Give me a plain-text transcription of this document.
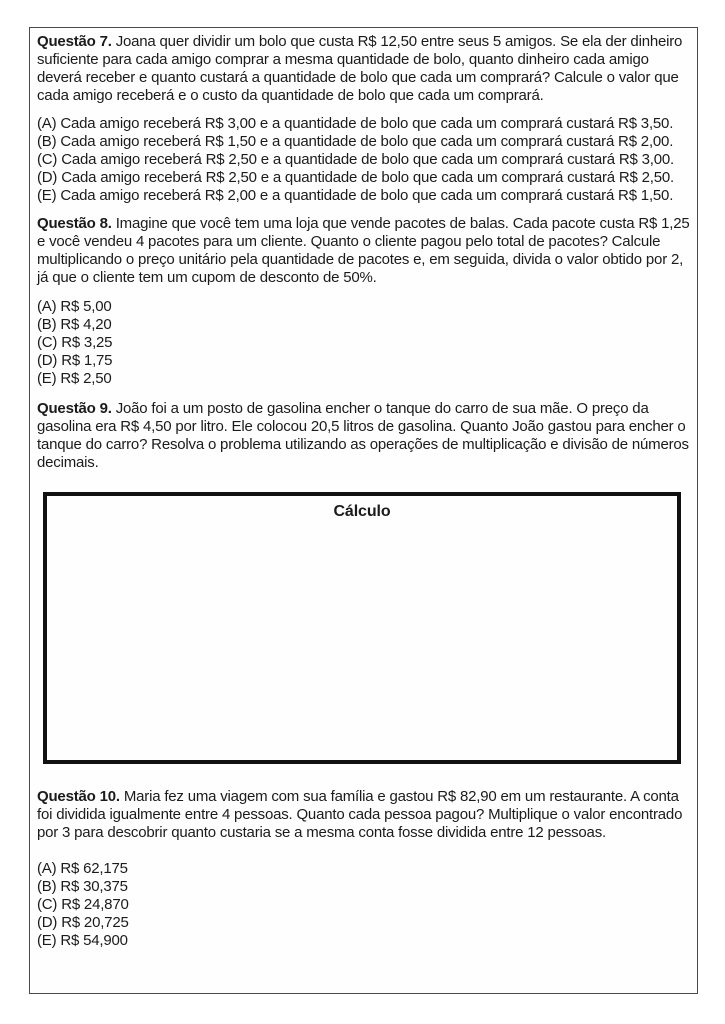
Questão 7. Joana quer dividir um bolo que custa R$ 12,50 entre seus 5 amigos. Se ela der dinheiro suficiente para cada amigo comprar a mesma quantidade de bolo, quanto dinheiro cada amigo deverá receber e quanto custará a quantidade de bolo que cada um comprará? Calcule o valor que cada amigo receberá e o custo da quantidade de bolo que cada um comprará.

(A) Cada amigo receberá R$ 3,00 e a quantidade de bolo que cada um comprará custará R$ 3,50.
(B) Cada amigo receberá R$ 1,50 e a quantidade de bolo que cada um comprará custará R$ 2,00.
(C) Cada amigo receberá R$ 2,50 e a quantidade de bolo que cada um comprará custará R$ 3,00.
(D) Cada amigo receberá R$ 2,50 e a quantidade de bolo que cada um comprará custará R$ 2,50.
(E) Cada amigo receberá R$ 2,00 e a quantidade de bolo que cada um comprará custará R$ 1,50.

Questão 8. Imagine que você tem uma loja que vende pacotes de balas. Cada pacote custa R$ 1,25 e você vendeu 4 pacotes para um cliente. Quanto o cliente pagou pelo total de pacotes? Calcule multiplicando o preço unitário pela quantidade de pacotes e, em seguida, divida o valor obtido por 2, já que o cliente tem um cupom de desconto de 50%.

(A) R$ 5,00
(B) R$ 4,20
(C) R$ 3,25
(D) R$ 1,75
(E) R$ 2,50

Questão 9. João foi a um posto de gasolina encher o tanque do carro de sua mãe. O preço da gasolina era R$ 4,50 por litro. Ele colocou 20,5 litros de gasolina. Quanto João gastou para encher o tanque do carro? Resolva o problema utilizando as operações de multiplicação e divisão de números decimais.

Cálculo

Questão 10. Maria fez uma viagem com sua família e gastou R$ 82,90 em um restaurante. A conta foi dividida igualmente entre 4 pessoas. Quanto cada pessoa pagou? Multiplique o valor encontrado por 3 para descobrir quanto custaria se a mesma conta fosse dividida entre 12 pessoas.

(A) R$ 62,175
(B) R$ 30,375
(C) R$ 24,870
(D) R$ 20,725
(E) R$ 54,900
